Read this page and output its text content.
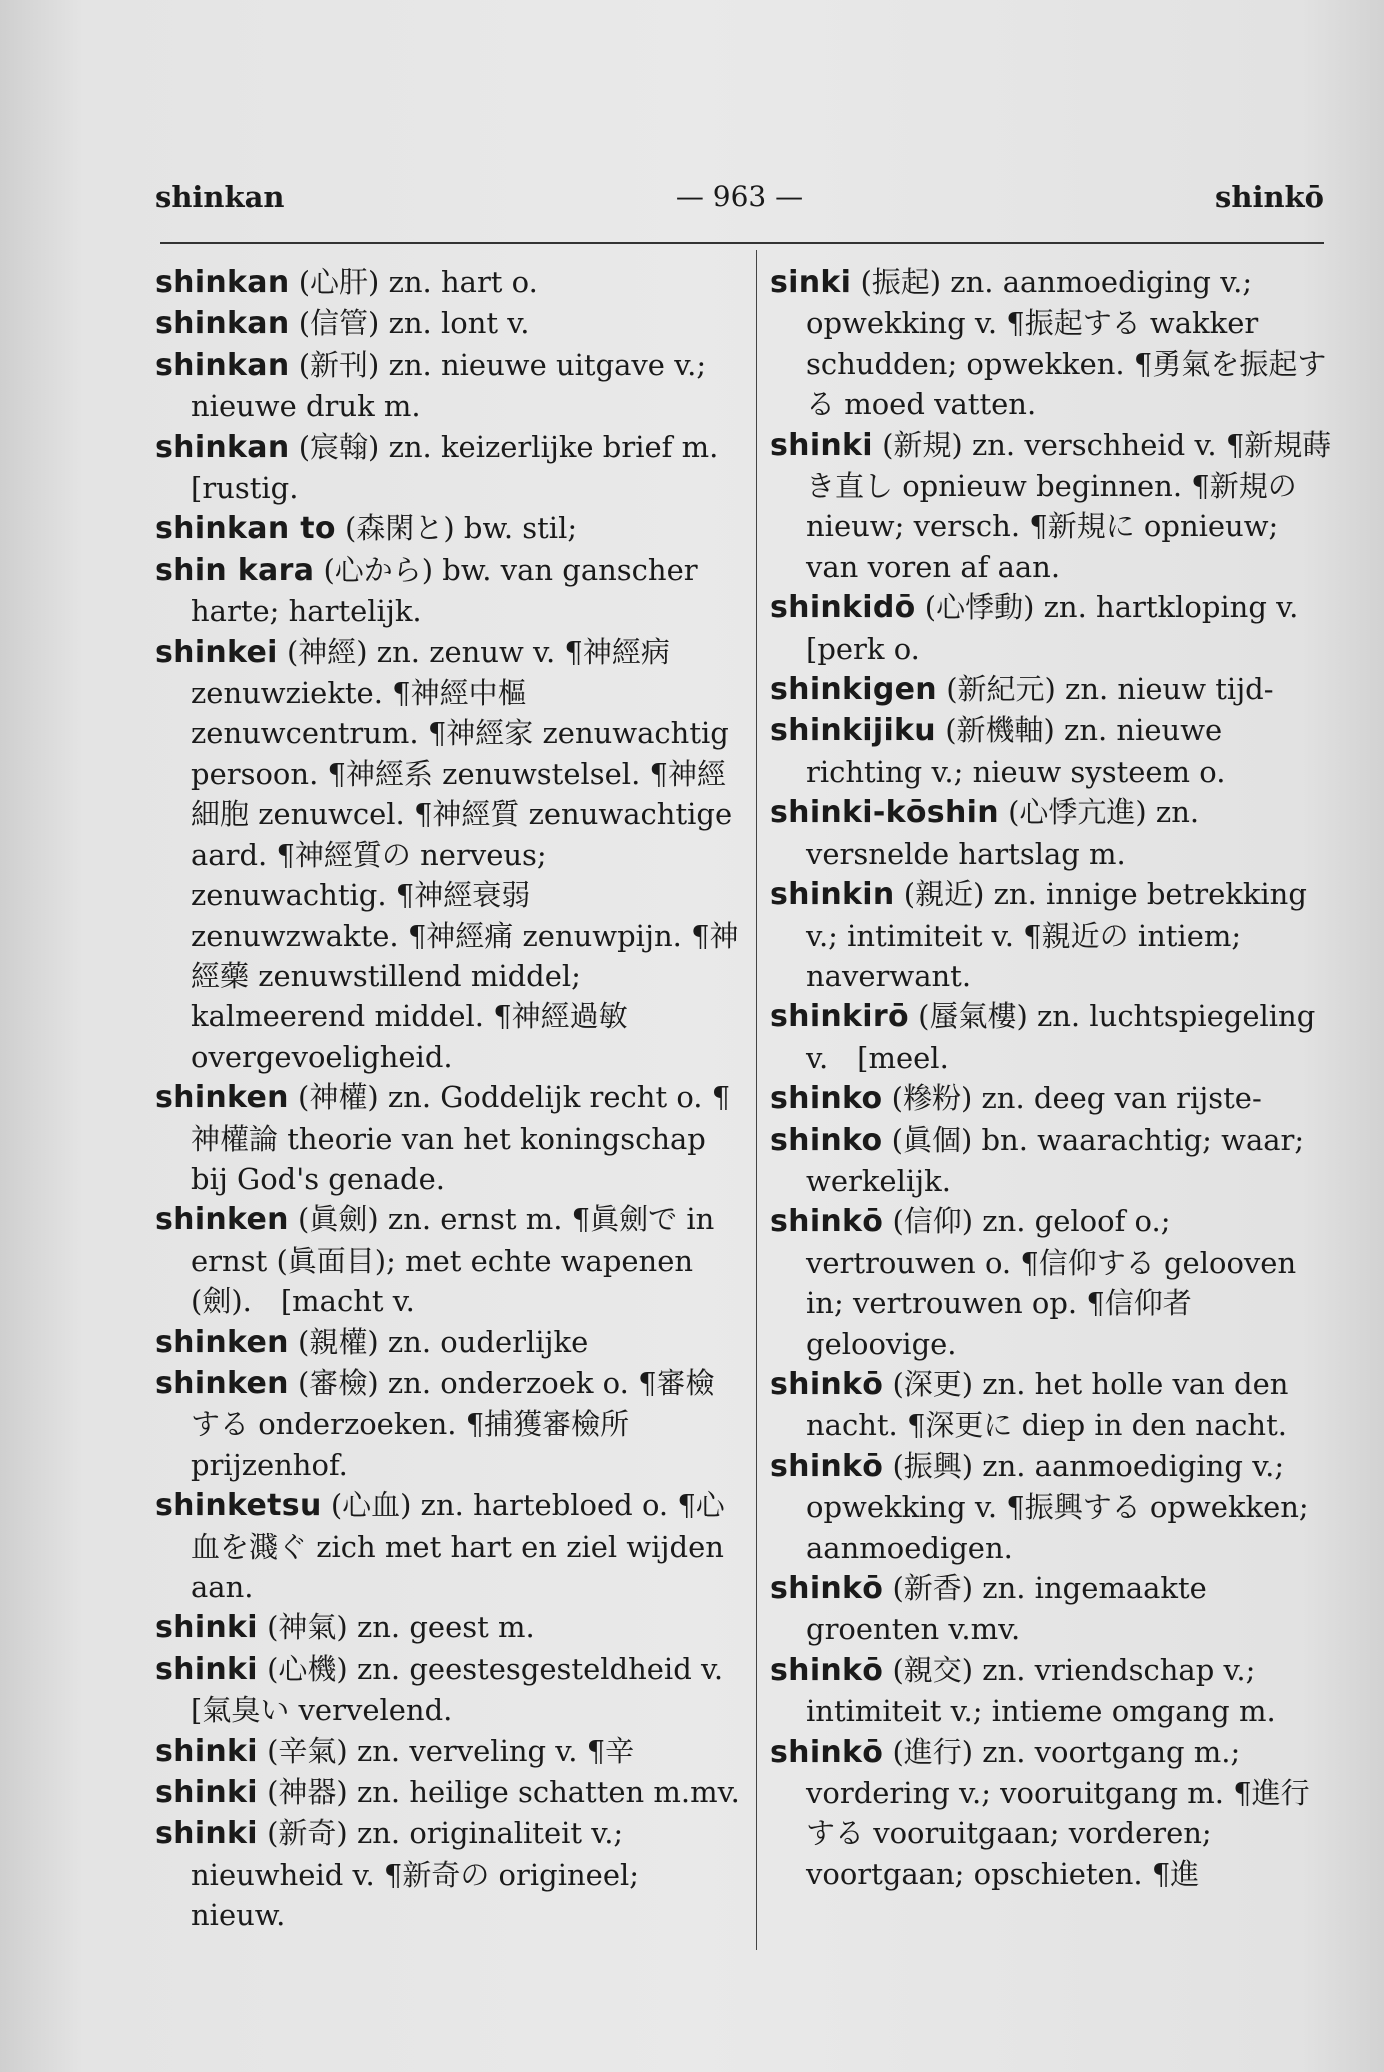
shinkan	— 963 —	shinkō

shinkan (心肝) zn. hart o.

shinkan (信管) zn. lont v.

shinkan (新刊) zn. nieuwe uitgave v.; nieuwe druk m.

shinkan (宸翰) zn. keizerlijke brief m.　　[rustig.

shinkan to (森閑と) bw. stil;

shin kara (心から) bw. van ganscher harte; hartelijk.

shinkei (神經) zn. zenuw v. ¶神經病 zenuwziekte. ¶神經中樞 zenuwcentrum. ¶神經家 zenuwachtig persoon. ¶神經系 zenuwstelsel. ¶神經細胞 zenuwcel. ¶神經質 zenuwachtige aard. ¶神經質の nerveus; zenuwachtig. ¶神經衰弱 zenuwzwakte. ¶神經痛 zenuwpijn. ¶神經藥 zenuwstillend middel; kalmeerend middel. ¶神經過敏 overgevoeligheid.

shinken (神權) zn. Goddelijk recht o. ¶神權論 theorie van het koningschap bij God's genade.

shinken (眞劍) zn. ernst m. ¶眞劍で in ernst (眞面目); met echte wapenen (劍).　[macht v.

shinken (親權) zn. ouderlijke

shinken (審檢) zn. onderzoek o. ¶審檢する onderzoeken. ¶捕獲審檢所 prijzenhof.

shinketsu (心血) zn. hartebloed o. ¶心血を濺ぐ zich met hart en ziel wijden aan.

shinki (神氣) zn. geest m.

shinki (心機) zn. geestesgesteldheid v.　[氣臭い vervelend.

shinki (辛氣) zn. verveling v. ¶辛

shinki (神器) zn. heilige schatten m.mv.

shinki (新奇) zn. originaliteit v.; nieuwheid v. ¶新奇の origineel; nieuw.

sinki (振起) zn. aanmoediging v.; opwekking v. ¶振起する wakker schudden; opwekken. ¶勇氣を振起する moed vatten.

shinki (新規) zn. verschheid v. ¶新規蒔き直し opnieuw beginnen. ¶新規の nieuw; versch. ¶新規に opnieuw; van voren af aan.

shinkidō (心悸動) zn. hartkloping v.　[perk o.

shinkigen (新紀元) zn. nieuw tijd-

shinkijiku (新機軸) zn. nieuwe richting v.; nieuw systeem o.

shinki-kōshin (心悸亢進) zn. versnelde hartslag m.

shinkin (親近) zn. innige betrekking v.; intimiteit v. ¶親近の intiem; naverwant.

shinkirō (蜃氣樓) zn. luchtspiegeling v.　[meel.

shinko (糝粉) zn. deeg van rijste-

shinko (眞個) bn. waarachtig; waar; werkelijk.

shinkō (信仰) zn. geloof o.; vertrouwen o. ¶信仰する gelooven in; vertrouwen op. ¶信仰者 geloovige.

shinkō (深更) zn. het holle van den nacht. ¶深更に diep in den nacht.

shinkō (振興) zn. aanmoediging v.; opwekking v. ¶振興する opwekken; aanmoedigen.

shinkō (新香) zn. ingemaakte groenten v.mv.

shinkō (親交) zn. vriendschap v.; intimiteit v.; intieme omgang m.

shinkō (進行) zn. voortgang m.; vordering v.; vooruitgang m. ¶進行する vooruitgaan; vorderen; voortgaan; opschieten. ¶進
